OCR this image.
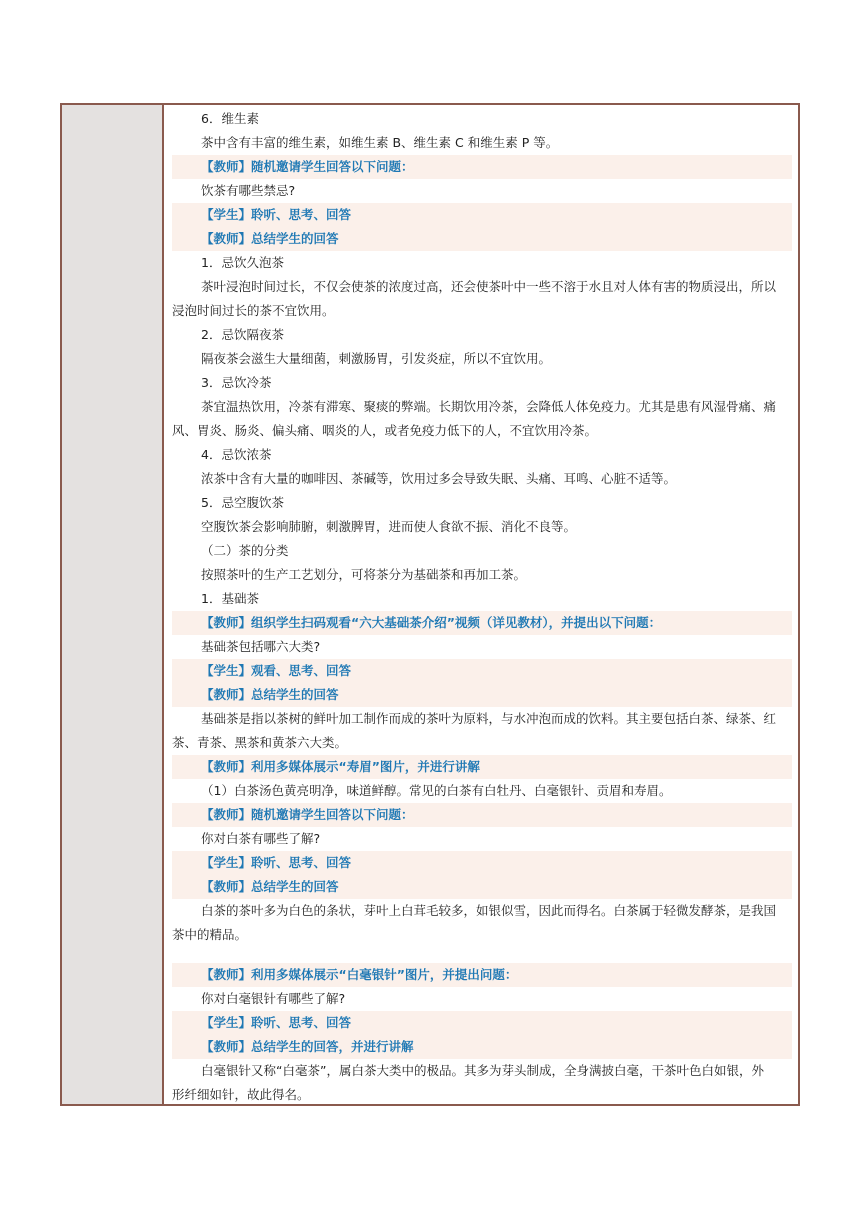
6．维生素
茶中含有丰富的维生素，如维生素 B、维生素 C 和维生素 P 等。
【教师】随机邀请学生回答以下问题：
饮茶有哪些禁忌?
【学生】聆听、思考、回答
【教师】总结学生的回答
1．忌饮久泡茶
茶叶浸泡时间过长，不仅会使茶的浓度过高，还会使茶叶中一些不溶于水且对人体有害的物质浸出，所以
浸泡时间过长的茶不宜饮用。
2．忌饮隔夜茶
隔夜茶会滋生大量细菌，刺激肠胃，引发炎症，所以不宜饮用。
3．忌饮冷茶
茶宜温热饮用，冷茶有滞寒、聚痰的弊端。长期饮用冷茶，会降低人体免疫力。尤其是患有风湿骨痛、痛
风、胃炎、肠炎、偏头痛、咽炎的人，或者免疫力低下的人，不宜饮用冷茶。
4．忌饮浓茶
浓茶中含有大量的咖啡因、茶碱等，饮用过多会导致失眠、头痛、耳鸣、心脏不适等。
5．忌空腹饮茶
空腹饮茶会影响肺腑，刺激脾胃，进而使人食欲不振、消化不良等。
（二）茶的分类
按照茶叶的生产工艺划分，可将茶分为基础茶和再加工茶。
1．基础茶
【教师】组织学生扫码观看“六大基础茶介绍”视频（详见教材），并提出以下问题：
基础茶包括哪六大类?
【学生】观看、思考、回答
【教师】总结学生的回答
基础茶是指以茶树的鲜叶加工制作而成的茶叶为原料，与水冲泡而成的饮料。其主要包括白茶、绿茶、红
茶、青茶、黑茶和黄茶六大类。
【教师】利用多媒体展示“寿眉”图片，并进行讲解
（1）白茶汤色黄亮明净，味道鲜醇。常见的白茶有白牡丹、白毫银针、贡眉和寿眉。
【教师】随机邀请学生回答以下问题：
你对白茶有哪些了解?
【学生】聆听、思考、回答
【教师】总结学生的回答
白茶的茶叶多为白色的条状，芽叶上白茸毛较多，如银似雪，因此而得名。白茶属于轻微发酵茶，是我国
茶中的精品。
【教师】利用多媒体展示“白毫银针”图片，并提出问题：
你对白毫银针有哪些了解?
【学生】聆听、思考、回答
【教师】总结学生的回答，并进行讲解
白毫银针又称“白毫茶”，属白茶大类中的极品。其多为芽头制成，全身满披白毫，干茶叶色白如银，外
形纤细如针，故此得名。
